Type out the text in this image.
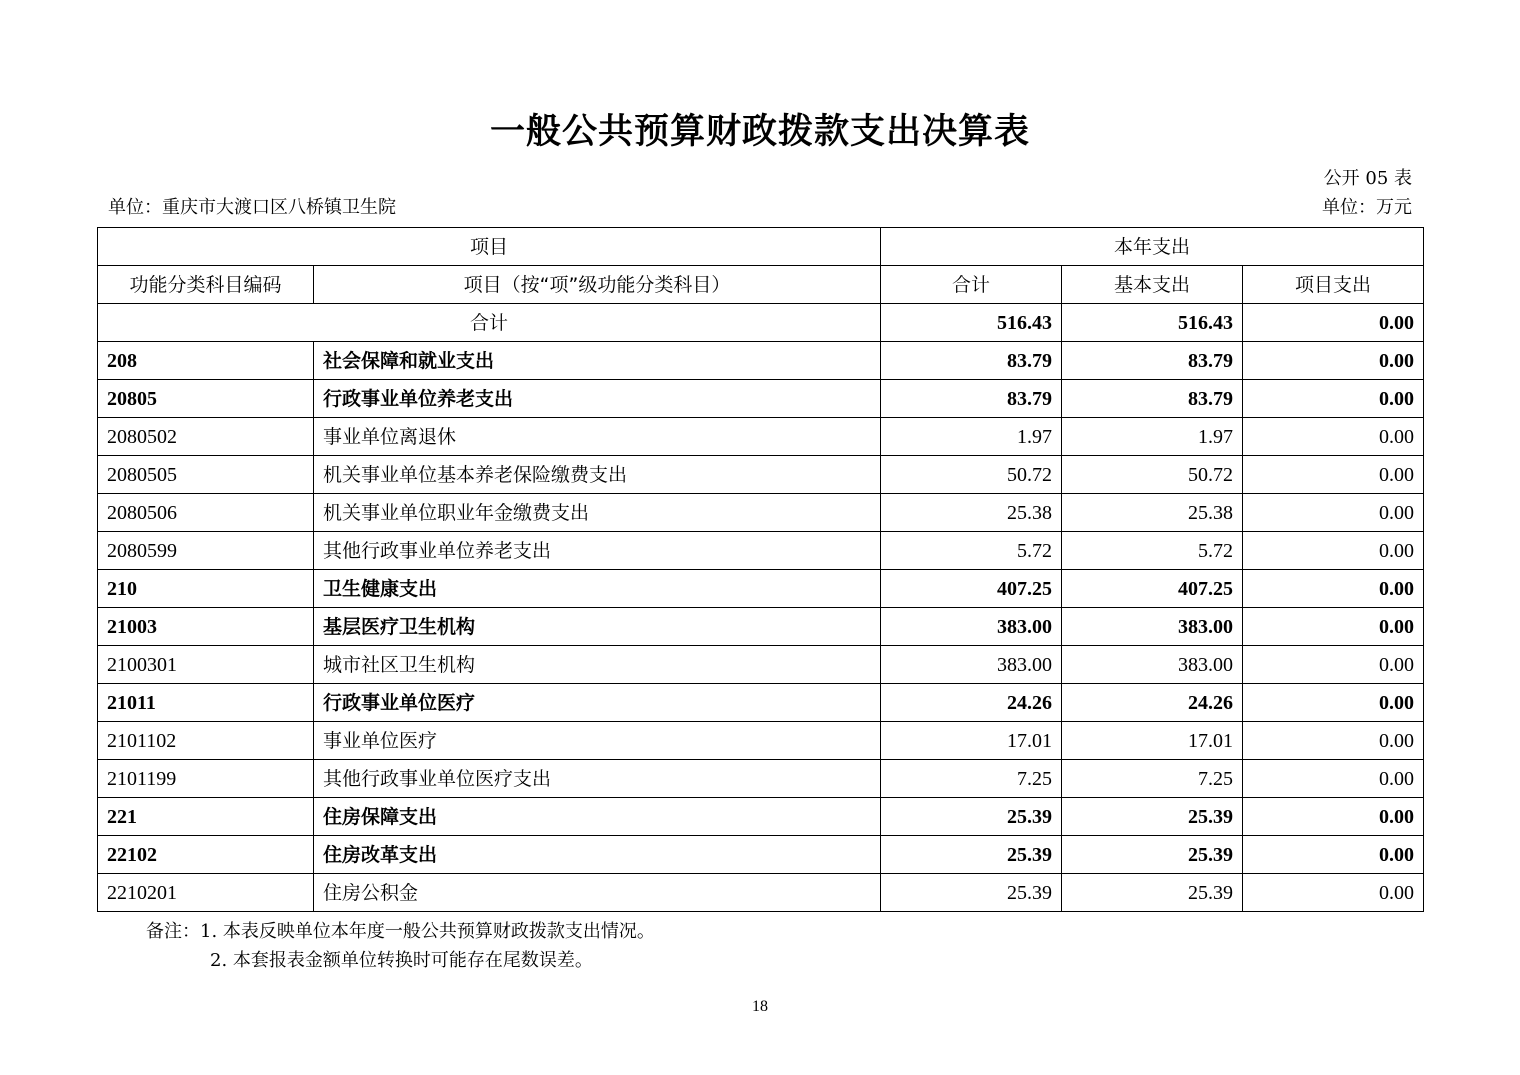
一般公共预算财政拨款支出决算表
公开 05 表
单位：重庆市大渡口区八桥镇卫生院	单位：万元
项目		本年支出		
功能分类科目编码	项目（按“项”级功能分类科目）	合计	基本支出	项目支出
合计		516.43	516.43	0.00
208	社会保障和就业支出	83.79	83.79	0.00
20805	行政事业单位养老支出	83.79	83.79	0.00
2080502	事业单位离退休	1.97	1.97	0.00
2080505	机关事业单位基本养老保险缴费支出	50.72	50.72	0.00
2080506	机关事业单位职业年金缴费支出	25.38	25.38	0.00
2080599	其他行政事业单位养老支出	5.72	5.72	0.00
210	卫生健康支出	407.25	407.25	0.00
21003	基层医疗卫生机构	383.00	383.00	0.00
2100301	城市社区卫生机构	383.00	383.00	0.00
21011	行政事业单位医疗	24.26	24.26	0.00
2101102	事业单位医疗	17.01	17.01	0.00
2101199	其他行政事业单位医疗支出	7.25	7.25	0.00
221	住房保障支出	25.39	25.39	0.00
22102	住房改革支出	25.39	25.39	0.00
2210201	住房公积金	25.39	25.39	0.00
备注：1. 本表反映单位本年度一般公共预算财政拨款支出情况。
2. 本套报表金额单位转换时可能存在尾数误差。
18
